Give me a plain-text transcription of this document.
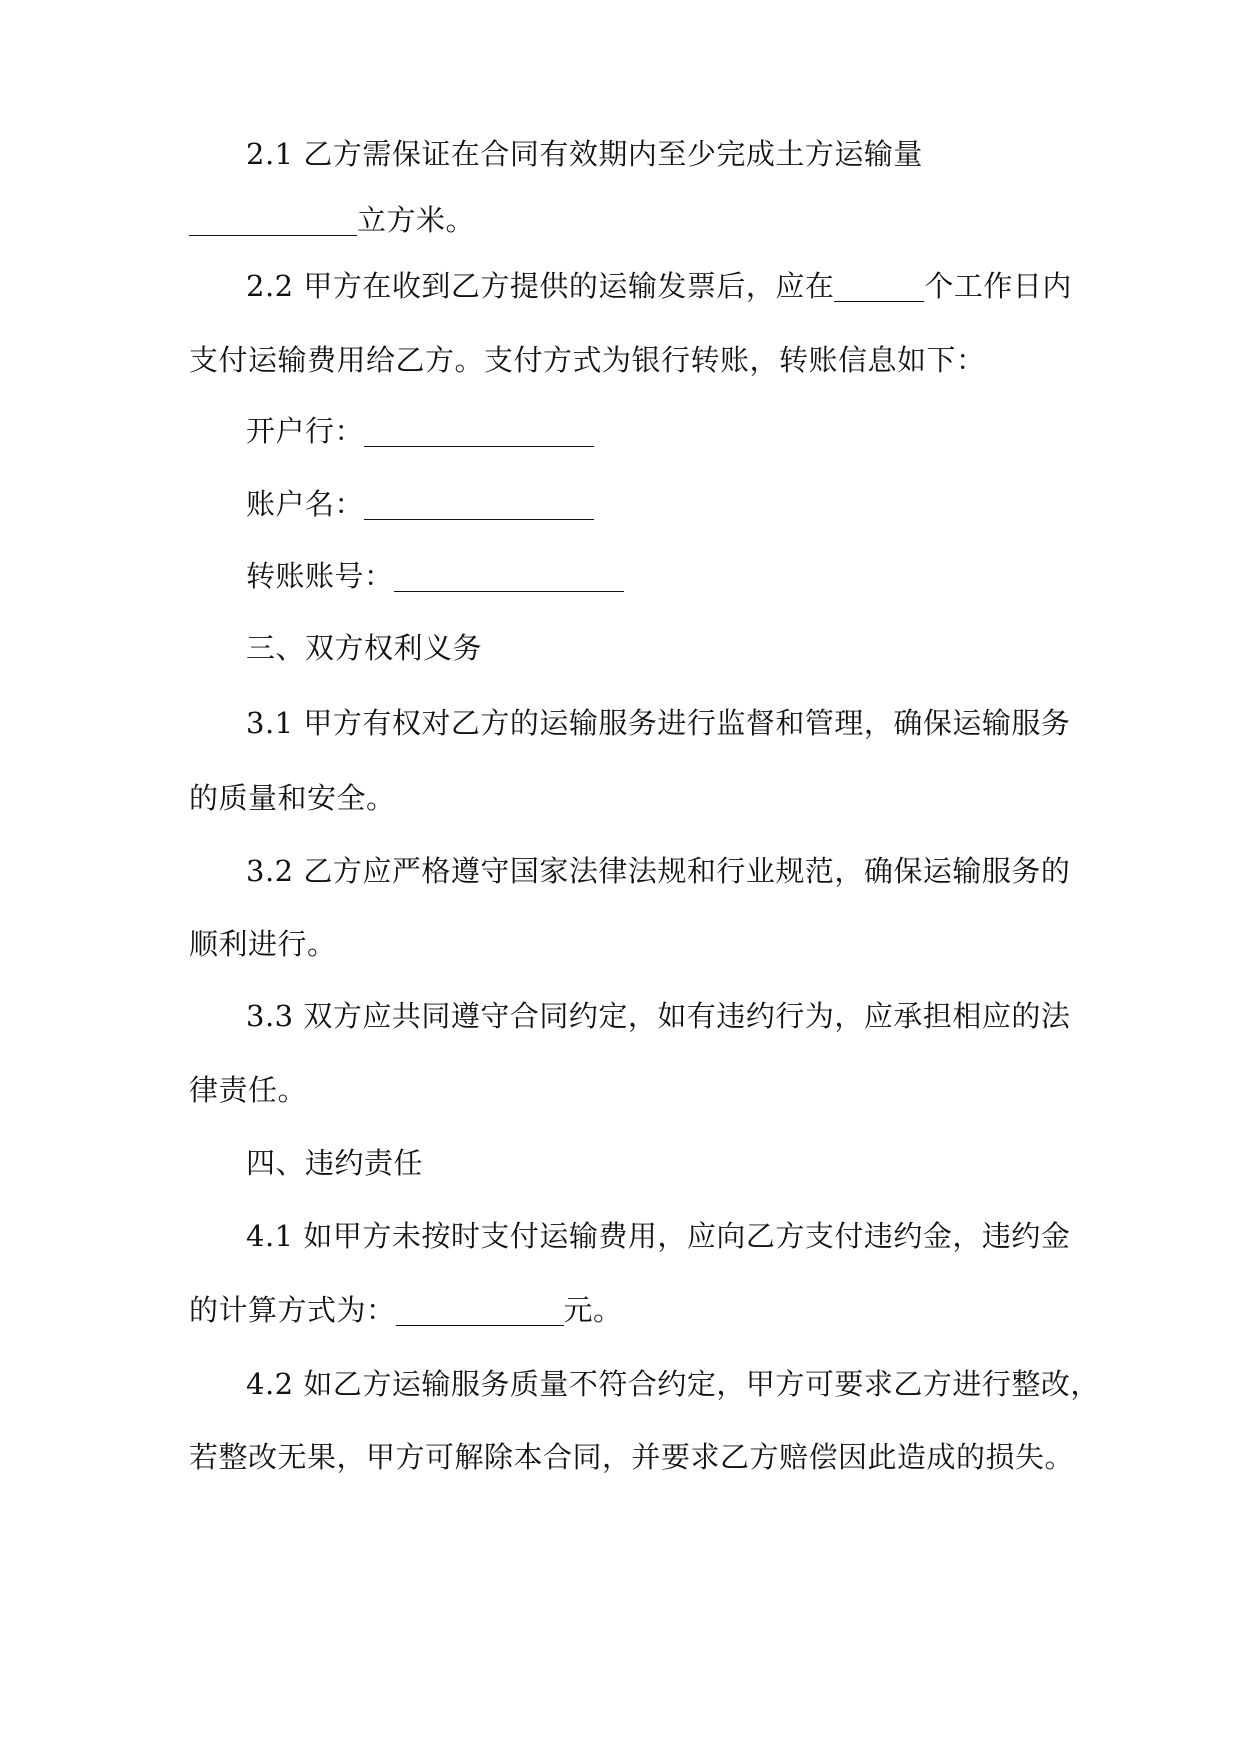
2.1 乙方需保证在合同有效期内至少完成土方运输量
立方米。
2.2 甲方在收到乙方提供的运输发票后，应在	个工作日内
支付运输费用给乙方。支付方式为银行转账，转账信息如下：
开户行：
账户名：
转账账号：
三、双方权利义务
3.1 甲方有权对乙方的运输服务进行监督和管理，确保运输服务
的质量和安全。
3.2 乙方应严格遵守国家法律法规和行业规范，确保运输服务的
顺利进行。
3.3 双方应共同遵守合同约定，如有违约行为，应承担相应的法
律责任。
四、违约责任
4.1 如甲方未按时支付运输费用，应向乙方支付违约金，违约金
的计算方式为：	元。
4.2 如乙方运输服务质量不符合约定，甲方可要求乙方进行整改，
若整改无果，甲方可解除本合同，并要求乙方赔偿因此造成的损失。
